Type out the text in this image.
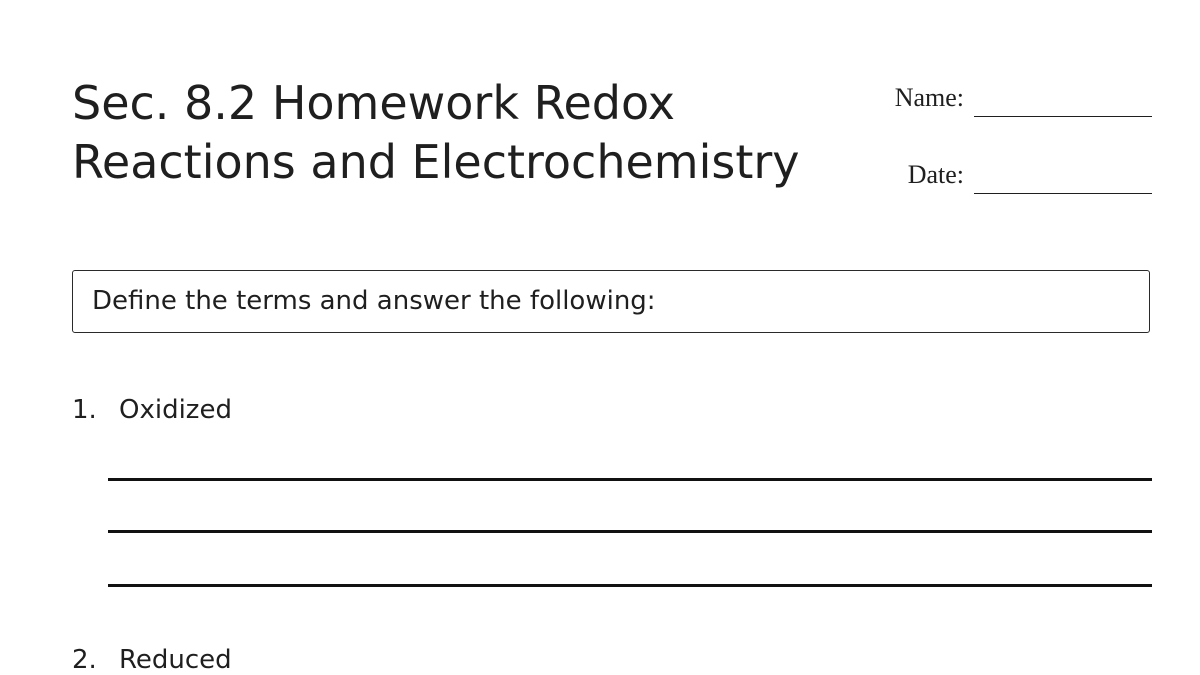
Sec. 8.2 Homework Redox
Reactions and Electrochemistry
Name:
Date:
Define the terms and answer the following:
1. Oxidized
2. Reduced
